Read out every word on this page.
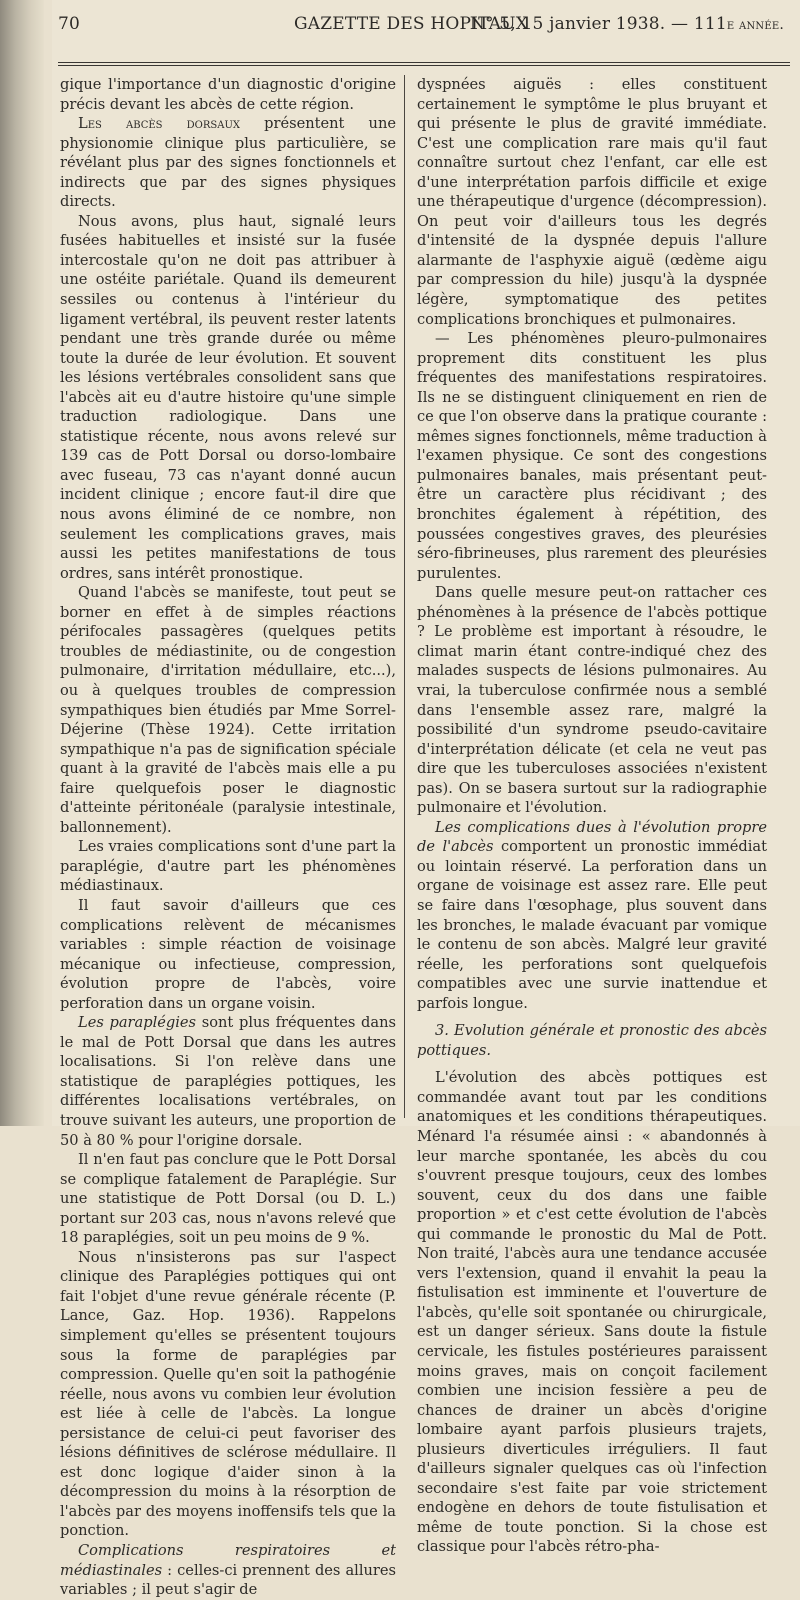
70	GAZETTE DES HOPITAUX
N° 5, 15 janvier 1938. — 111e année.

gique l'importance d'un diagnostic d'origine précis devant les abcès de cette région.

Les abcès dorsaux présentent une physionomie clinique plus particulière, se révélant plus par des signes fonctionnels et indirects que par des signes physiques directs.

Nous avons, plus haut, signalé leurs fusées habituelles et insisté sur la fusée intercostale qu'on ne doit pas attribuer à une ostéite pariétale. Quand ils demeurent sessiles ou contenus à l'intérieur du ligament vertébral, ils peuvent rester latents pendant une très grande durée ou même toute la durée de leur évolution. Et souvent les lésions vertébrales consolident sans que l'abcès ait eu d'autre histoire qu'une simple traduction radiologique. Dans une statistique récente, nous avons relevé sur 139 cas de Pott Dorsal ou dorso-lombaire avec fuseau, 73 cas n'ayant donné aucun incident clinique ; encore faut-il dire que nous avons éliminé de ce nombre, non seulement les complications graves, mais aussi les petites manifestations de tous ordres, sans intérêt pronostique.

Quand l'abcès se manifeste, tout peut se borner en effet à de simples réactions périfocales passagères (quelques petits troubles de médiastinite, ou de congestion pulmonaire, d'irritation médullaire, etc...), ou à quelques troubles de compression sympathiques bien étudiés par Mme Sorrel-Déjerine (Thèse 1924). Cette irritation sympathique n'a pas de signification spéciale quant à la gravité de l'abcès mais elle a pu faire quelquefois poser le diagnostic d'atteinte péritonéale (paralysie intestinale, ballonnement).

Les vraies complications sont d'une part la paraplégie, d'autre part les phénomènes médiastinaux.

Il faut savoir d'ailleurs que ces complications relèvent de mécanismes variables : simple réaction de voisinage mécanique ou infectieuse, compression, évolution propre de l'abcès, voire perforation dans un organe voisin.

Les paraplégies sont plus fréquentes dans le mal de Pott Dorsal que dans les autres localisations. Si l'on relève dans une statistique de paraplégies pottiques, les différentes localisations vertébrales, on trouve suivant les auteurs, une proportion de 50 à 80 % pour l'origine dorsale.

Il n'en faut pas conclure que le Pott Dorsal se complique fatalement de Paraplégie. Sur une statistique de Pott Dorsal (ou D. L.) portant sur 203 cas, nous n'avons relevé que 18 paraplégies, soit un peu moins de 9 %.

Nous n'insisterons pas sur l'aspect clinique des Paraplégies pottiques qui ont fait l'objet d'une revue générale récente (P. Lance, Gaz. Hop. 1936). Rappelons simplement qu'elles se présentent toujours sous la forme de paraplégies par compression. Quelle qu'en soit la pathogénie réelle, nous avons vu combien leur évolution est liée à celle de l'abcès. La longue persistance de celui-ci peut favoriser des lésions définitives de sclérose médullaire. Il est donc logique d'aider sinon à la décompression du moins à la résorption de l'abcès par des moyens inoffensifs tels que la ponction.

Complications respiratoires et médiastinales : celles-ci prennent des allures variables ; il peut s'agir de

dyspnées aiguës : elles constituent certainement le symptôme le plus bruyant et qui présente le plus de gravité immédiate. C'est une complication rare mais qu'il faut connaître surtout chez l'enfant, car elle est d'une interprétation parfois difficile et exige une thérapeutique d'urgence (décompression). On peut voir d'ailleurs tous les degrés d'intensité de la dyspnée depuis l'allure alarmante de l'asphyxie aiguë (œdème aigu par compression du hile) jusqu'à la dyspnée légère, symptomatique des petites complications bronchiques et pulmonaires.

— Les phénomènes pleuro-pulmonaires proprement dits constituent les plus fréquentes des manifestations respiratoires. Ils ne se distinguent cliniquement en rien de ce que l'on observe dans la pratique courante : mêmes signes fonctionnels, même traduction à l'examen physique. Ce sont des congestions pulmonaires banales, mais présentant peut-être un caractère plus récidivant ; des bronchites également à répétition, des poussées congestives graves, des pleurésies séro-fibrineuses, plus rarement des pleurésies purulentes.

Dans quelle mesure peut-on rattacher ces phénomènes à la présence de l'abcès pottique ? Le problème est important à résoudre, le climat marin étant contre-indiqué chez des malades suspects de lésions pulmonaires. Au vrai, la tuberculose confirmée nous a semblé dans l'ensemble assez rare, malgré la possibilité d'un syndrome pseudo-cavitaire d'interprétation délicate (et cela ne veut pas dire que les tuberculoses associées n'existent pas). On se basera surtout sur la radiographie pulmonaire et l'évolution.

Les complications dues à l'évolution propre de l'abcès comportent un pronostic immédiat ou lointain réservé. La perforation dans un organe de voisinage est assez rare. Elle peut se faire dans l'œsophage, plus souvent dans les bronches, le malade évacuant par vomique le contenu de son abcès. Malgré leur gravité réelle, les perforations sont quelquefois compatibles avec une survie inattendue et parfois longue.

3. Evolution générale et pronostic des abcès pottiques.

L'évolution des abcès pottiques est commandée avant tout par les conditions anatomiques et les conditions thérapeutiques. Ménard l'a résumée ainsi : « abandonnés à leur marche spontanée, les abcès du cou s'ouvrent presque toujours, ceux des lombes souvent, ceux du dos dans une faible proportion » et c'est cette évolution de l'abcès qui commande le pronostic du Mal de Pott. Non traité, l'abcès aura une tendance accusée vers l'extension, quand il envahit la peau la fistulisation est imminente et l'ouverture de l'abcès, qu'elle soit spontanée ou chirurgicale, est un danger sérieux. Sans doute la fistule cervicale, les fistules postérieures paraissent moins graves, mais on conçoit facilement combien une incision fessière a peu de chances de drainer un abcès d'origine lombaire ayant parfois plusieurs trajets, plusieurs diverticules irréguliers. Il faut d'ailleurs signaler quelques cas où l'infection secondaire s'est faite par voie strictement endogène en dehors de toute fistulisation et même de toute ponction. Si la chose est classique pour l'abcès rétro-pha-
